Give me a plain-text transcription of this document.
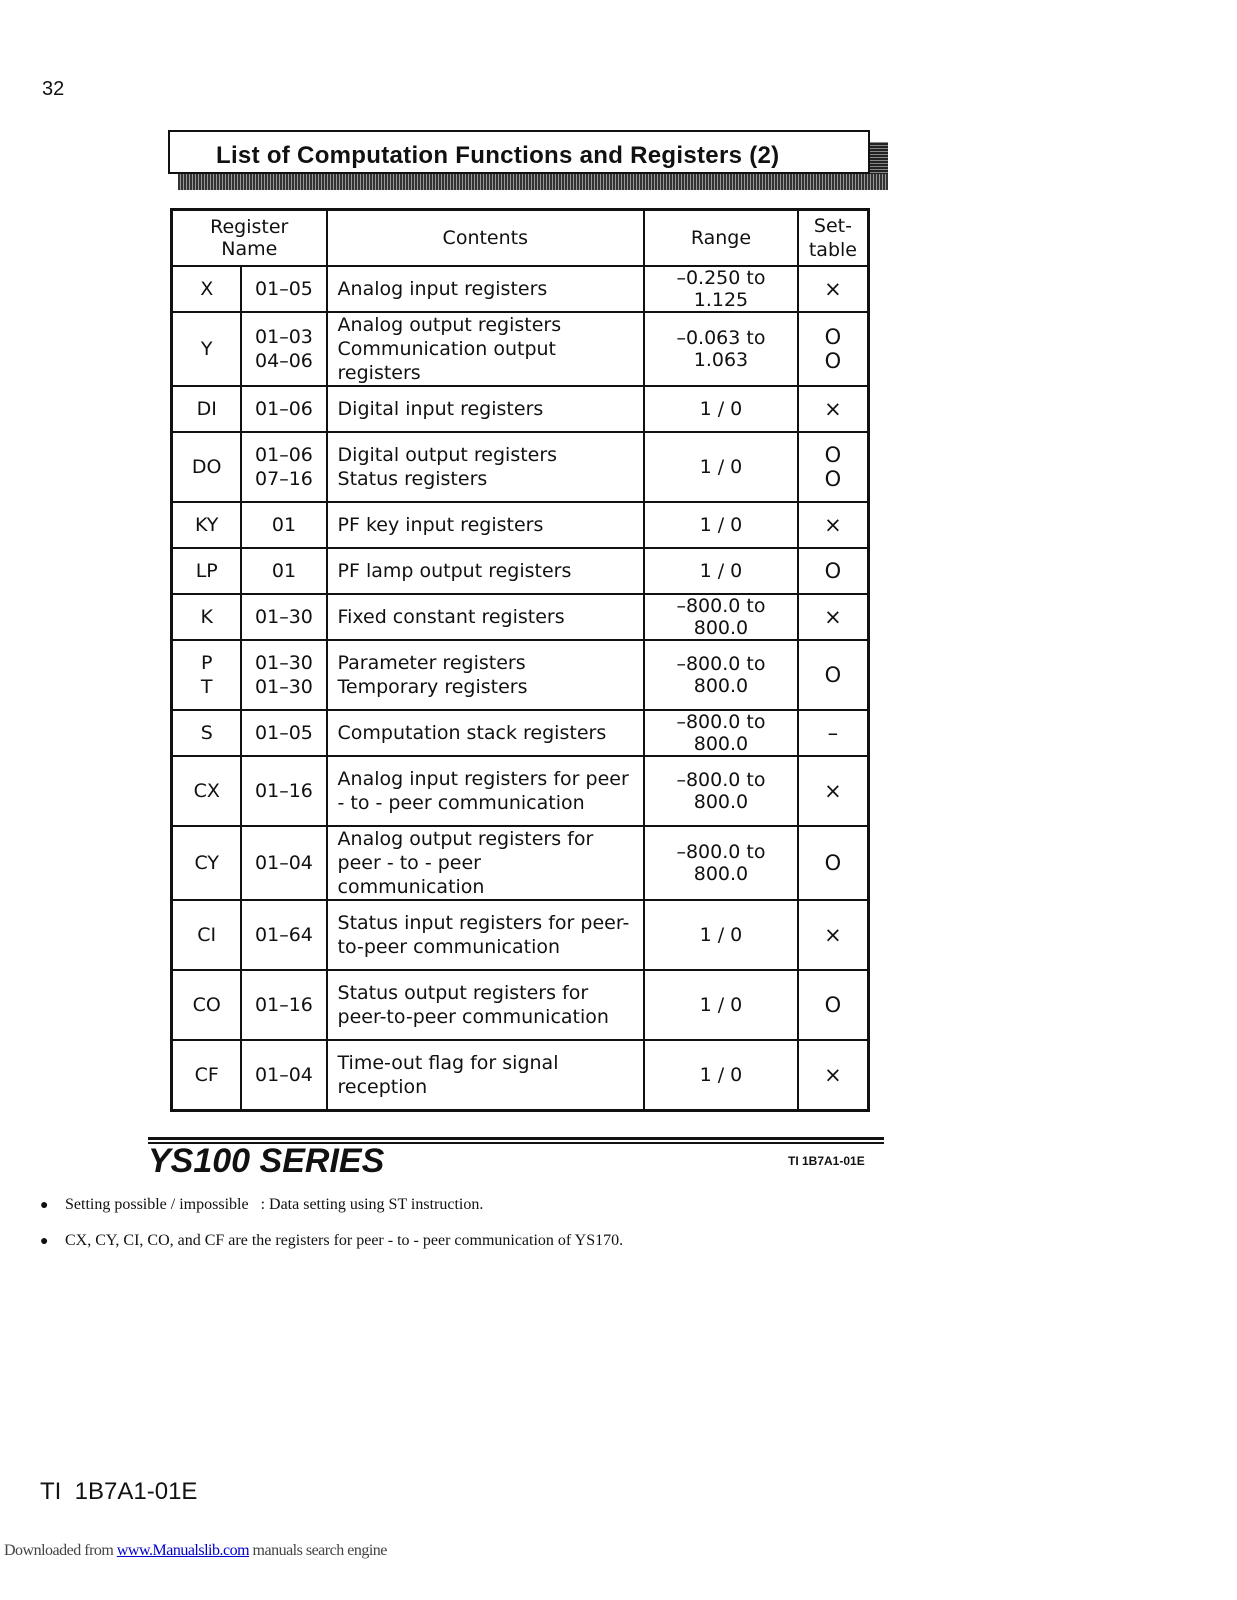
32
List of Computation Functions and Registers (2)
Register Name		Contents	Range	Set-
table

X	01–05	Analog input registers	–0.250 to 1.125	×

Y	01–03
04–06	Analog output registers
Communication output registers	–0.063 to 1.063	O
O

DI	01–06	Digital input registers	1 / 0	×

DO	01–06
07–16	Digital output registers
Status registers	1 / 0	O
O

KY	01	PF key input registers	1 / 0	×

LP	01	PF lamp output registers	1 / 0	O

K	01–30	Fixed constant registers	–800.0 to 800.0	×

P
T	01–30
01–30	Parameter registers
Temporary registers	–800.0 to 800.0	O

S	01–05	Computation stack registers	–800.0 to 800.0	–

CX	01–16	Analog input registers for peer
- to - peer communication	–800.0 to 800.0	×

CY	01–04	Analog output registers for
peer - to - peer communication	–800.0 to 800.0	O

CI	01–64	Status input registers for peer-
to-peer communication	1 / 0	×

CO	01–16	Status output registers for
peer-to-peer communication	1 / 0	O

CF	01–04	Time-out flag for signal
reception	1 / 0	×
YS100 SERIES	TI 1B7A1-01E
●	Setting possible / impossible   : Data setting using ST instruction.
●	CX, CY, CI, CO, and CF are the registers for peer - to - peer communication of YS170.
TI  1B7A1-01E
Downloaded from www.Manualslib.com manuals search engine
